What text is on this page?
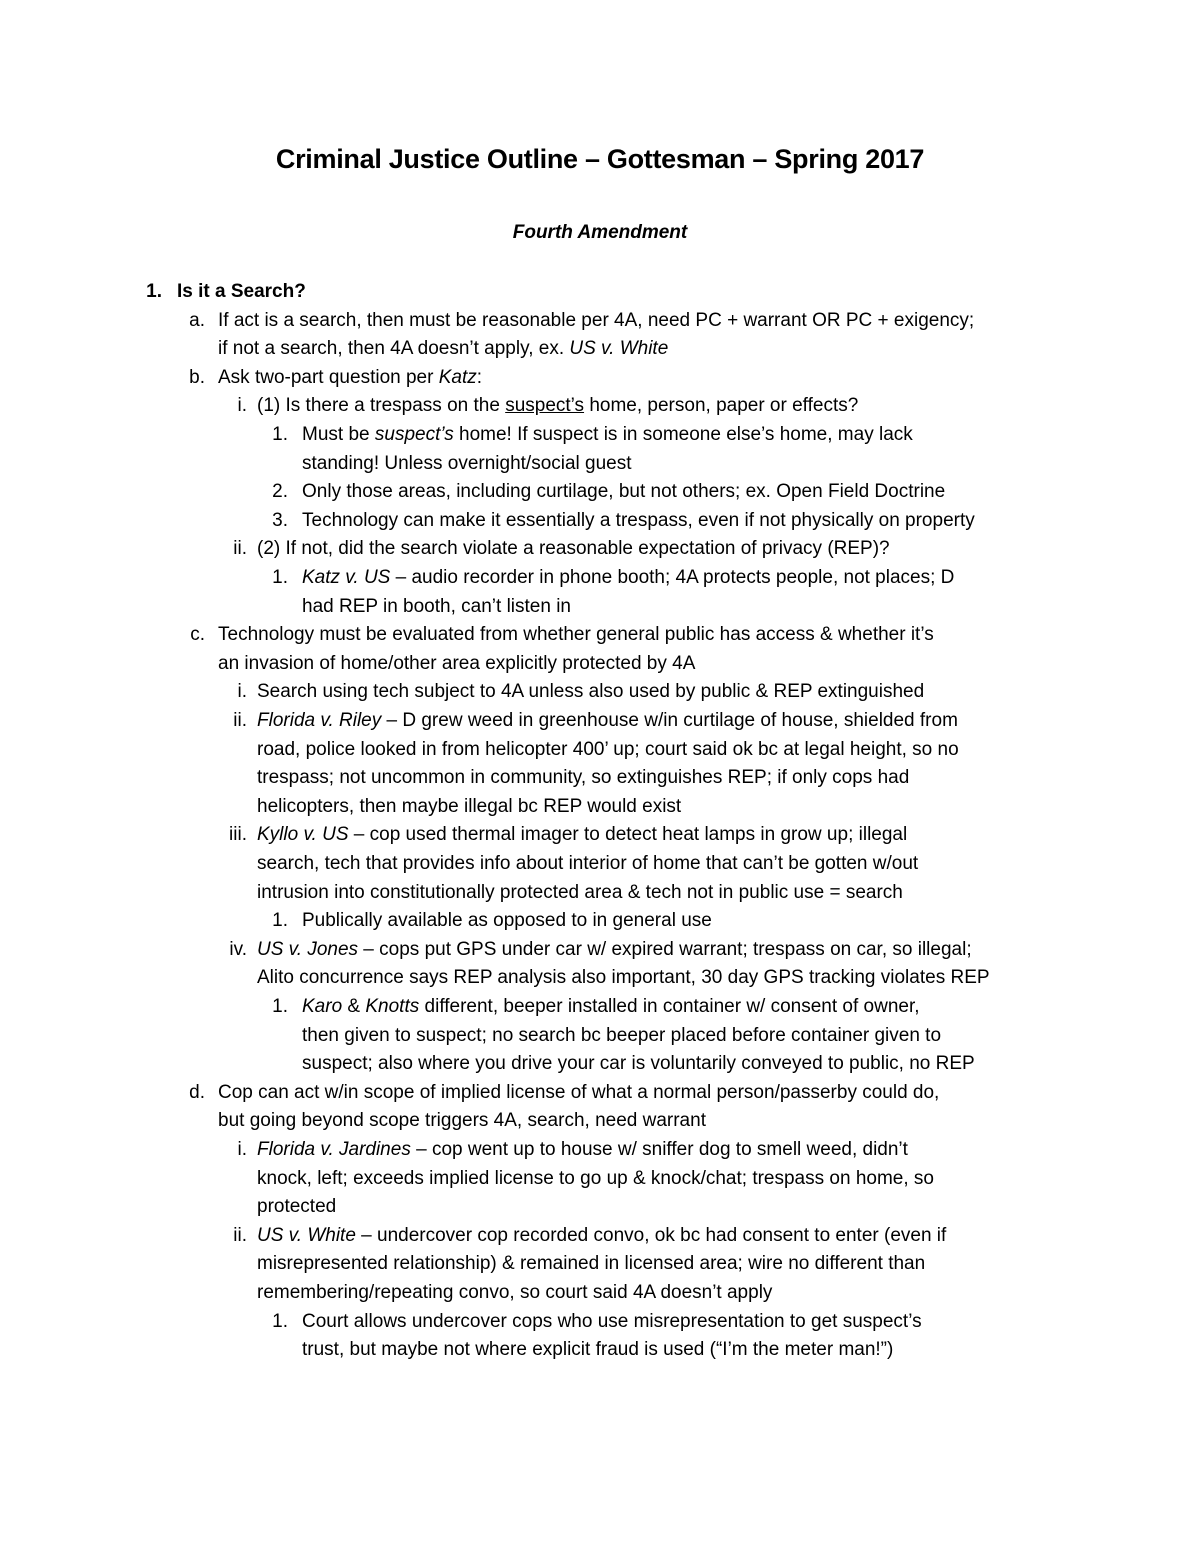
Criminal Justice Outline – Gottesman – Spring 2017
Fourth Amendment
1. Is it a Search?
a. If act is a search, then must be reasonable per 4A, need PC + warrant OR PC + exigency;
if not a search, then 4A doesn’t apply, ex. US v. White
b. Ask two-part question per Katz:
i. (1) Is there a trespass on the suspect’s home, person, paper or effects?
1. Must be suspect’s home! If suspect is in someone else’s home, may lack
standing! Unless overnight/social guest
2. Only those areas, including curtilage, but not others; ex. Open Field Doctrine
3. Technology can make it essentially a trespass, even if not physically on property
ii. (2) If not, did the search violate a reasonable expectation of privacy (REP)?
1. Katz v. US – audio recorder in phone booth; 4A protects people, not places; D
had REP in booth, can’t listen in
c. Technology must be evaluated from whether general public has access & whether it’s
an invasion of home/other area explicitly protected by 4A
i. Search using tech subject to 4A unless also used by public & REP extinguished
ii. Florida v. Riley – D grew weed in greenhouse w/in curtilage of house, shielded from
road, police looked in from helicopter 400’ up; court said ok bc at legal height, so no
trespass; not uncommon in community, so extinguishes REP; if only cops had
helicopters, then maybe illegal bc REP would exist
iii. Kyllo v. US – cop used thermal imager to detect heat lamps in grow up; illegal
search, tech that provides info about interior of home that can’t be gotten w/out
intrusion into constitutionally protected area & tech not in public use = search
1. Publically available as opposed to in general use
iv. US v. Jones – cops put GPS under car w/ expired warrant; trespass on car, so illegal;
Alito concurrence says REP analysis also important, 30 day GPS tracking violates REP
1. Karo & Knotts different, beeper installed in container w/ consent of owner,
then given to suspect; no search bc beeper placed before container given to
suspect; also where you drive your car is voluntarily conveyed to public, no REP
d. Cop can act w/in scope of implied license of what a normal person/passerby could do,
but going beyond scope triggers 4A, search, need warrant
i. Florida v. Jardines – cop went up to house w/ sniffer dog to smell weed, didn’t
knock, left; exceeds implied license to go up & knock/chat; trespass on home, so
protected
ii. US v. White – undercover cop recorded convo, ok bc had consent to enter (even if
misrepresented relationship) & remained in licensed area; wire no different than
remembering/repeating convo, so court said 4A doesn’t apply
1. Court allows undercover cops who use misrepresentation to get suspect’s
trust, but maybe not where explicit fraud is used (“I’m the meter man!”)
